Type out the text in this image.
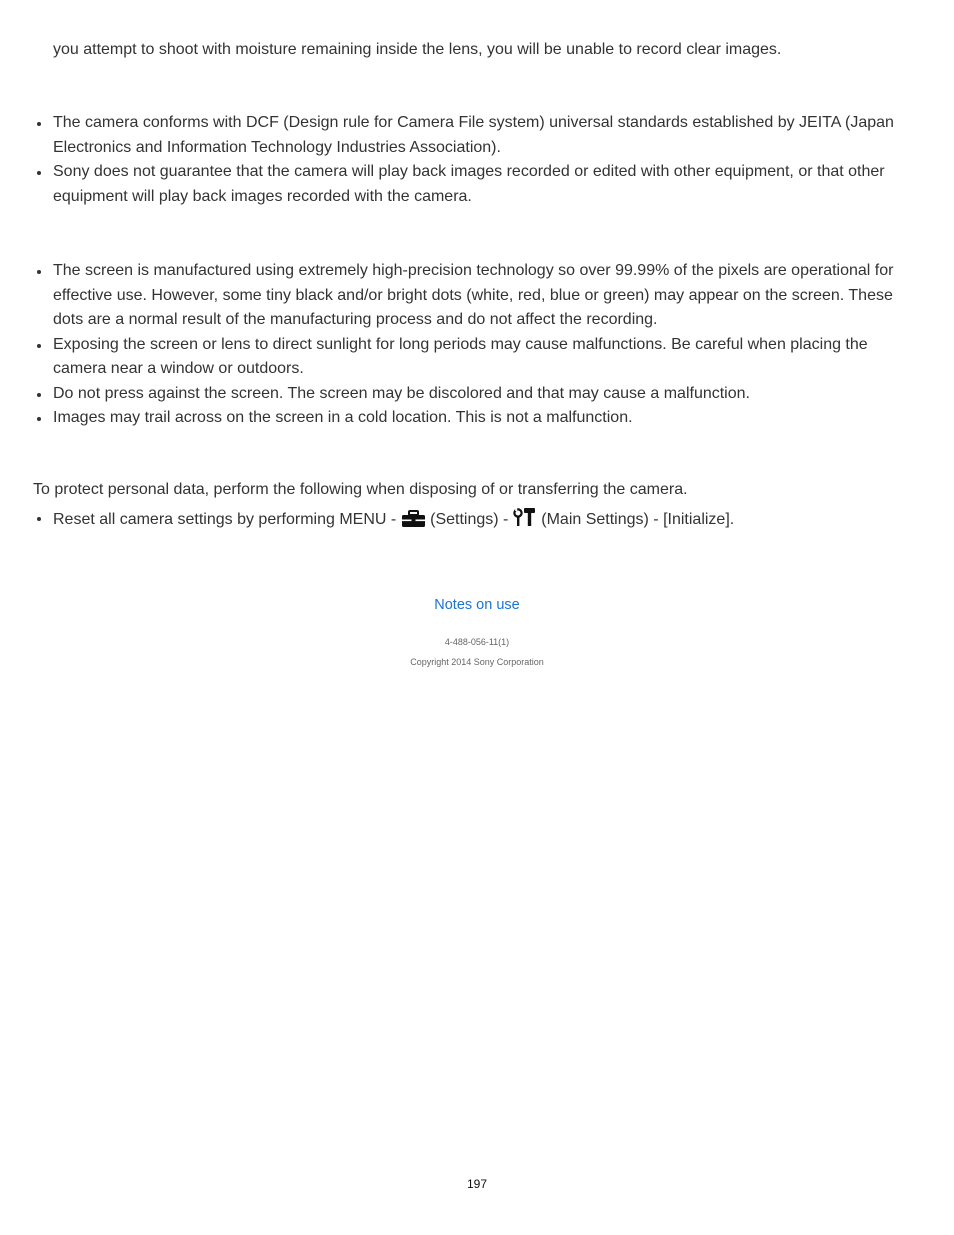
you attempt to shoot with moisture remaining inside the lens, you will be unable to record clear images.

The camera conforms with DCF (Design rule for Camera File system) universal standards established by JEITA (Japan Electronics and Information Technology Industries Association).
Sony does not guarantee that the camera will play back images recorded or edited with other equipment, or that other equipment will play back images recorded with the camera.
The screen is manufactured using extremely high-precision technology so over 99.99% of the pixels are operational for effective use. However, some tiny black and/or bright dots (white, red, blue or green) may appear on the screen. These dots are a normal result of the manufacturing process and do not affect the recording.
Exposing the screen or lens to direct sunlight for long periods may cause malfunctions. Be careful when placing the camera near a window or outdoors.
Do not press against the screen. The screen may be discolored and that may cause a malfunction.
Images may trail across on the screen in a cold location. This is not a malfunction.

To protect personal data, perform the following when disposing of or transferring the camera.

Reset all camera settings by performing MENU -  (Settings) -  (Main Settings) - [Initialize].
Notes on use
4-488-056-11(1)
Copyright 2014 Sony Corporation
197
